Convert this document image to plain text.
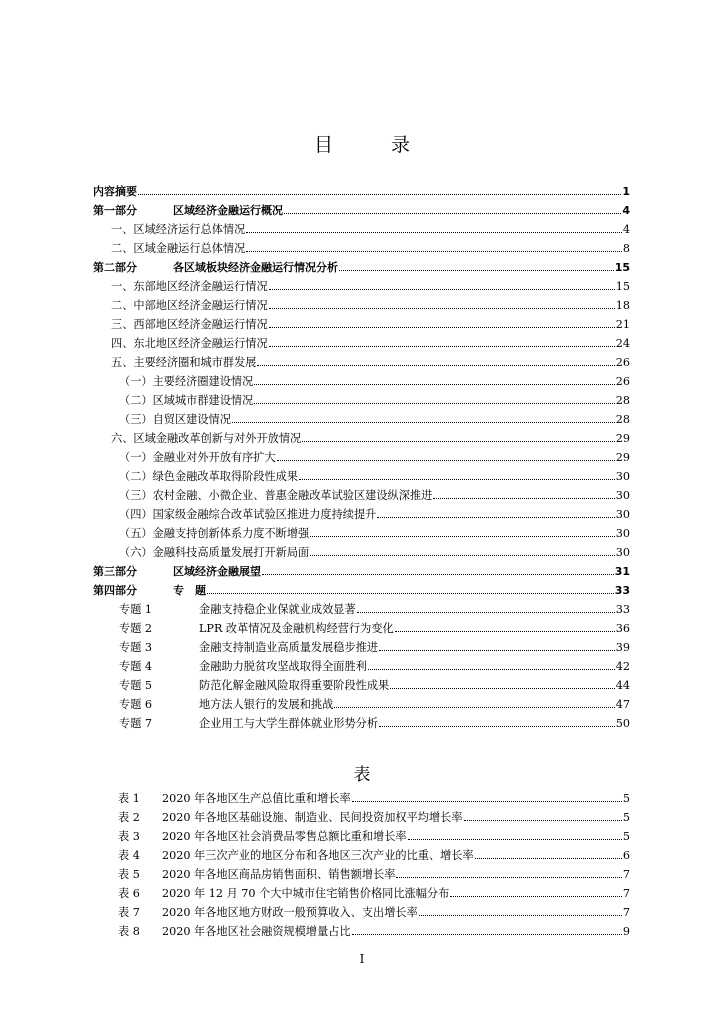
目 录
内容摘要	1
第一部分	区域经济金融运行概况	4
一、区域经济运行总体情况	4
二、区域金融运行总体情况	8
第二部分	各区域板块经济金融运行情况分析	15
一、东部地区经济金融运行情况	15
二、中部地区经济金融运行情况	18
三、西部地区经济金融运行情况	21
四、东北地区经济金融运行情况	24
五、主要经济圈和城市群发展	26
（一）主要经济圈建设情况	26
（二）区域城市群建设情况	28
（三）自贸区建设情况	28
六、区域金融改革创新与对外开放情况	29
（一）金融业对外开放有序扩大	29
（二）绿色金融改革取得阶段性成果	30
（三）农村金融、小微企业、普惠金融改革试验区建设纵深推进	30
（四）国家级金融综合改革试验区推进力度持续提升	30
（五）金融支持创新体系力度不断增强	30
（六）金融科技高质量发展打开新局面	30
第三部分	区域经济金融展望	31
第四部分	专　题	33
专题 1	金融支持稳企业保就业成效显著	33
专题 2	LPR 改革情况及金融机构经营行为变化	36
专题 3	金融支持制造业高质量发展稳步推进	39
专题 4	金融助力脱贫攻坚战取得全面胜利	42
专题 5	防范化解金融风险取得重要阶段性成果	44
专题 6	地方法人银行的发展和挑战	47
专题 7	企业用工与大学生群体就业形势分析	50
表
表 1 2020 年各地区生产总值比重和增长率	5
表 2 2020 年各地区基础设施、制造业、民间投资加权平均增长率	5
表 3 2020 年各地区社会消费品零售总额比重和增长率	5
表 4 2020 年三次产业的地区分布和各地区三次产业的比重、增长率	6
表 5 2020 年各地区商品房销售面积、销售额增长率	7
表 6 2020 年 12 月 70 个大中城市住宅销售价格同比涨幅分布	7
表 7 2020 年各地区地方财政一般预算收入、支出增长率	7
表 8 2020 年各地区社会融资规模增量占比	9
I
